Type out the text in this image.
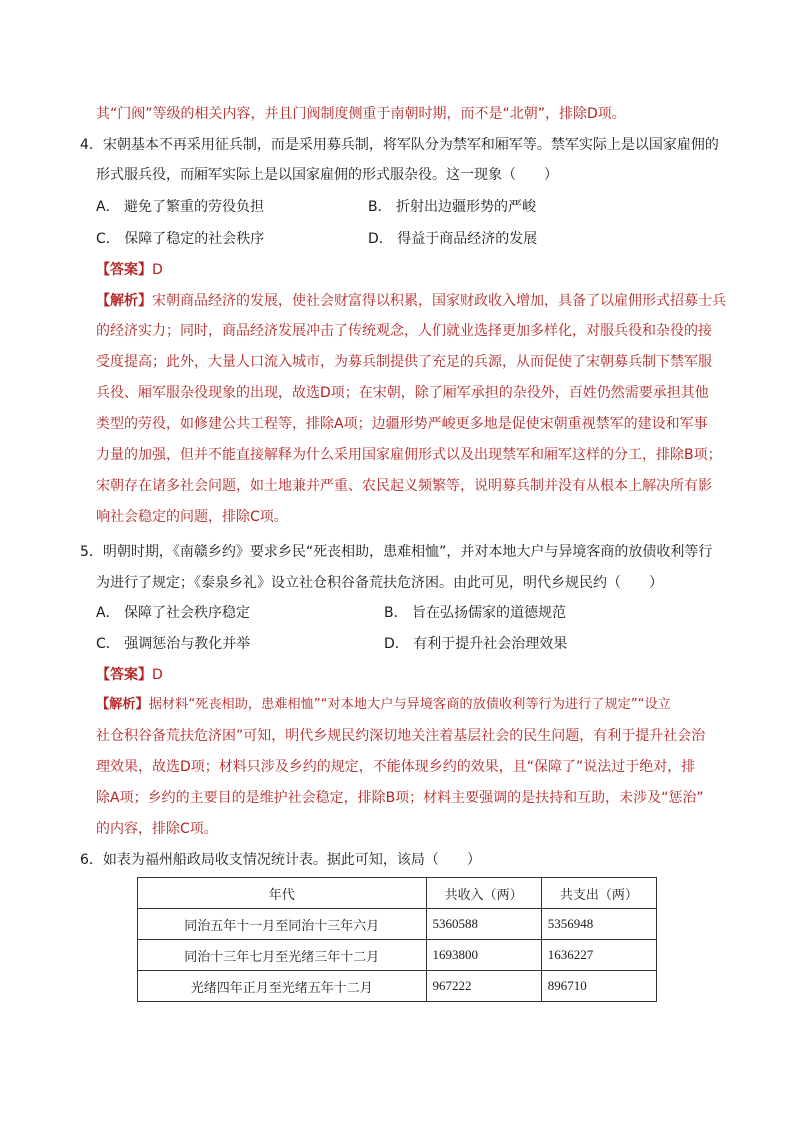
其“门阀”等级的相关内容，并且门阀制度侧重于南朝时期，而不是“北朝”，排除D项。
4．宋朝基本不再采用征兵制，而是采用募兵制，将军队分为禁军和厢军等。禁军实际上是以国家雇佣的
形式服兵役，而厢军实际上是以国家雇佣的形式服杂役。这一现象（　　）
A． 避免了繁重的劳役负担	B． 折射出边疆形势的严峻
C． 保障了稳定的社会秩序	D． 得益于商品经济的发展
【答案】D
【解析】宋朝商品经济的发展，使社会财富得以积累，国家财政收入增加，具备了以雇佣形式招募士兵
的经济实力；同时，商品经济发展冲击了传统观念，人们就业选择更加多样化，对服兵役和杂役的接
受度提高；此外，大量人口流入城市，为募兵制提供了充足的兵源，从而促使了宋朝募兵制下禁军服
兵役、厢军服杂役现象的出现，故选D项；在宋朝，除了厢军承担的杂役外，百姓仍然需要承担其他
类型的劳役，如修建公共工程等，排除A项；边疆形势严峻更多地是促使宋朝重视禁军的建设和军事
力量的加强，但并不能直接解释为什么采用国家雇佣形式以及出现禁军和厢军这样的分工，排除B项；
宋朝存在诸多社会问题，如土地兼并严重、农民起义频繁等，说明募兵制并没有从根本上解决所有影
响社会稳定的问题，排除C项。
5．明朝时期，《南赣乡约》要求乡民“死丧相助，患难相恤”，并对本地大户与异境客商的放债收利等行
为进行了规定；《泰泉乡礼》设立社仓积谷备荒扶危济困。由此可见，明代乡规民约（　　）
A． 保障了社会秩序稳定	B． 旨在弘扬儒家的道德规范
C． 强调惩治与教化并举	D． 有利于提升社会治理效果
【答案】D
【解析】据材料“死丧相助，患难相恤”“对本地大户与异境客商的放债收利等行为进行了规定”“设立
社仓积谷备荒扶危济困”可知，明代乡规民约深切地关注着基层社会的民生问题，有利于提升社会治
理效果，故选D项；材料只涉及乡约的规定，不能体现乡约的效果，且“保障了”说法过于绝对，排
除A项；乡约的主要目的是维护社会稳定，排除B项；材料主要强调的是扶持和互助，未涉及“惩治”
的内容，排除C项。
6．如表为福州船政局收支情况统计表。据此可知，该局（　　）
年代	共收入（两）	共支出（两）
同治五年十一月至同治十三年六月	5360588	5356948
同治十三年七月至光绪三年十二月	1693800	1636227
光绪四年正月至光绪五年十二月	967222	896710
